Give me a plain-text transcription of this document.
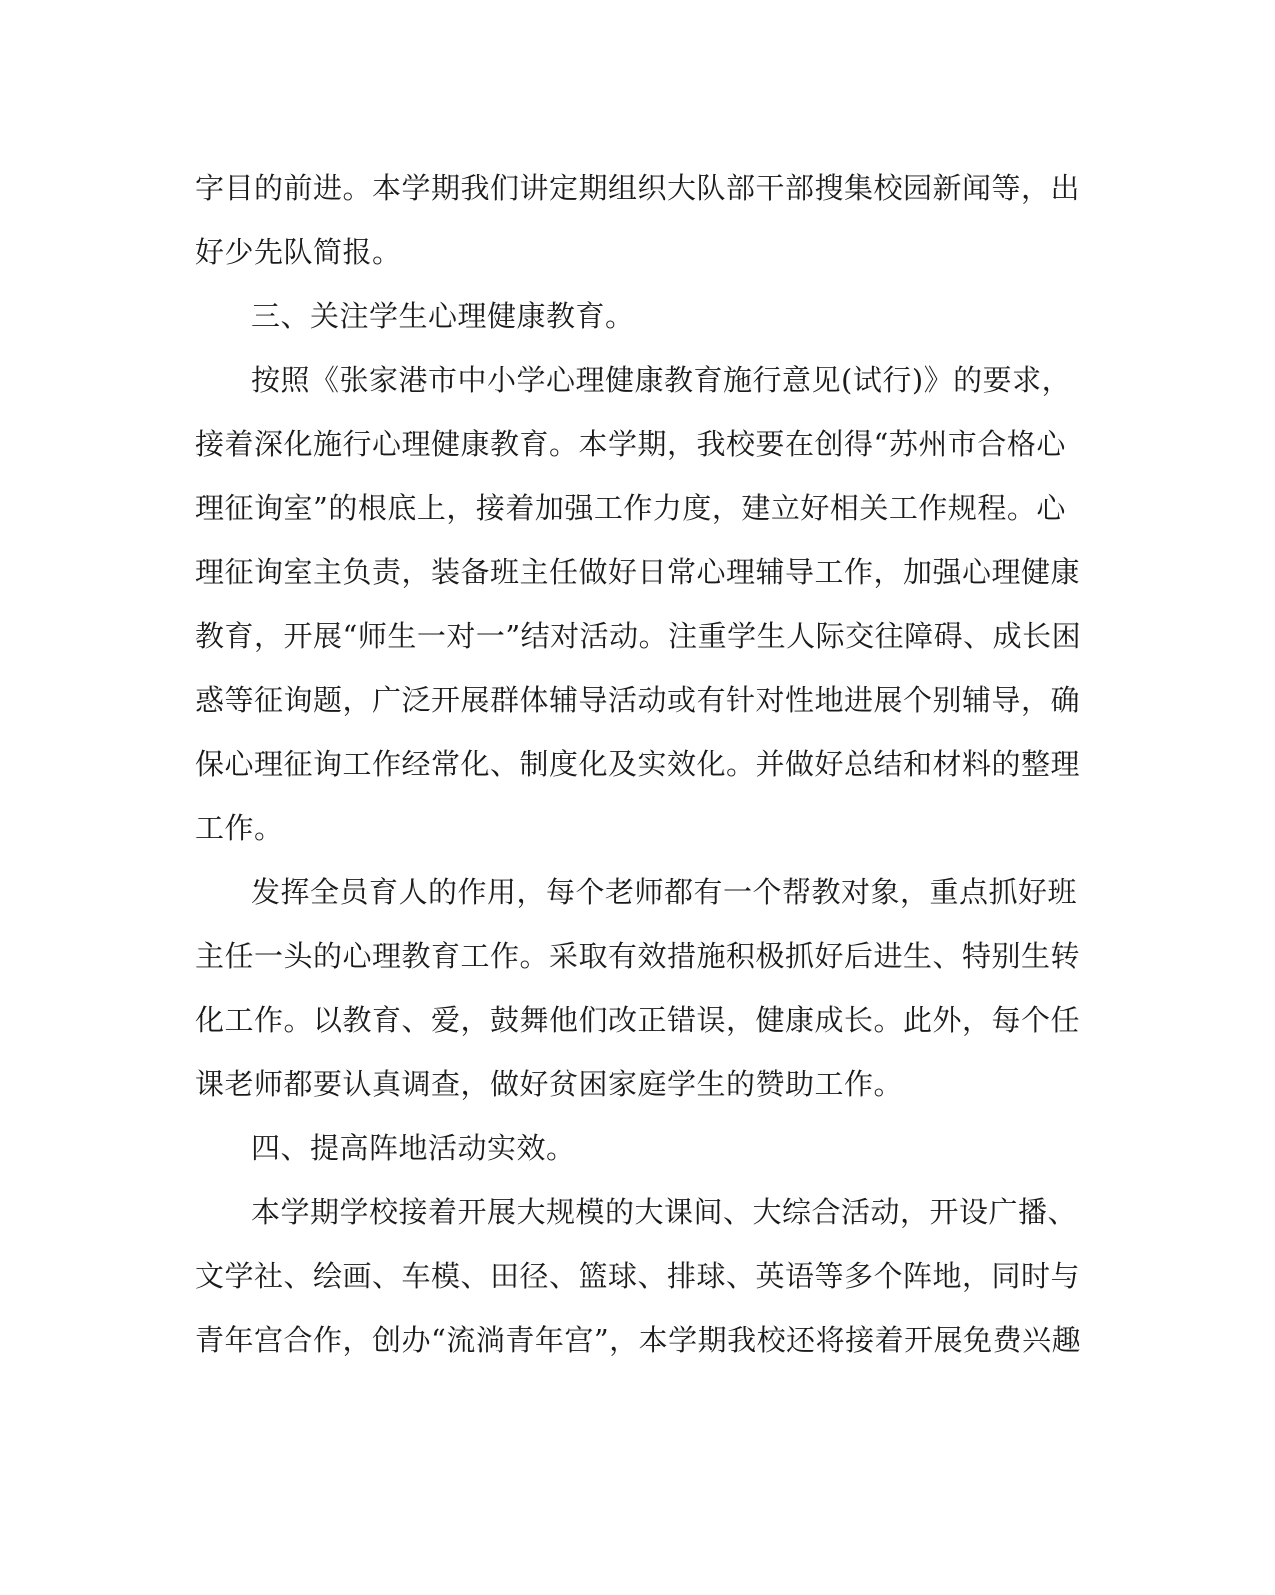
字目的前进。本学期我们讲定期组织大队部干部搜集校园新闻等，出
好少先队简报。
三、关注学生心理健康教育。
按照《张家港市中小学心理健康教育施行意见(试行)》的要求，
接着深化施行心理健康教育。本学期，我校要在创得“苏州市合格心
理征询室”的根底上，接着加强工作力度，建立好相关工作规程。心
理征询室主负责，装备班主任做好日常心理辅导工作，加强心理健康
教育，开展“师生一对一”结对活动。注重学生人际交往障碍、成长困
惑等征询题，广泛开展群体辅导活动或有针对性地进展个别辅导，确
保心理征询工作经常化、制度化及实效化。并做好总结和材料的整理
工作。
发挥全员育人的作用，每个老师都有一个帮教对象，重点抓好班
主任一头的心理教育工作。采取有效措施积极抓好后进生、特别生转
化工作。以教育、爱，鼓舞他们改正错误，健康成长。此外，每个任
课老师都要认真调查，做好贫困家庭学生的赞助工作。
四、提高阵地活动实效。
本学期学校接着开展大规模的大课间、大综合活动，开设广播、
文学社、绘画、车模、田径、篮球、排球、英语等多个阵地，同时与
青年宫合作，创办“流淌青年宫”，本学期我校还将接着开展免费兴趣
